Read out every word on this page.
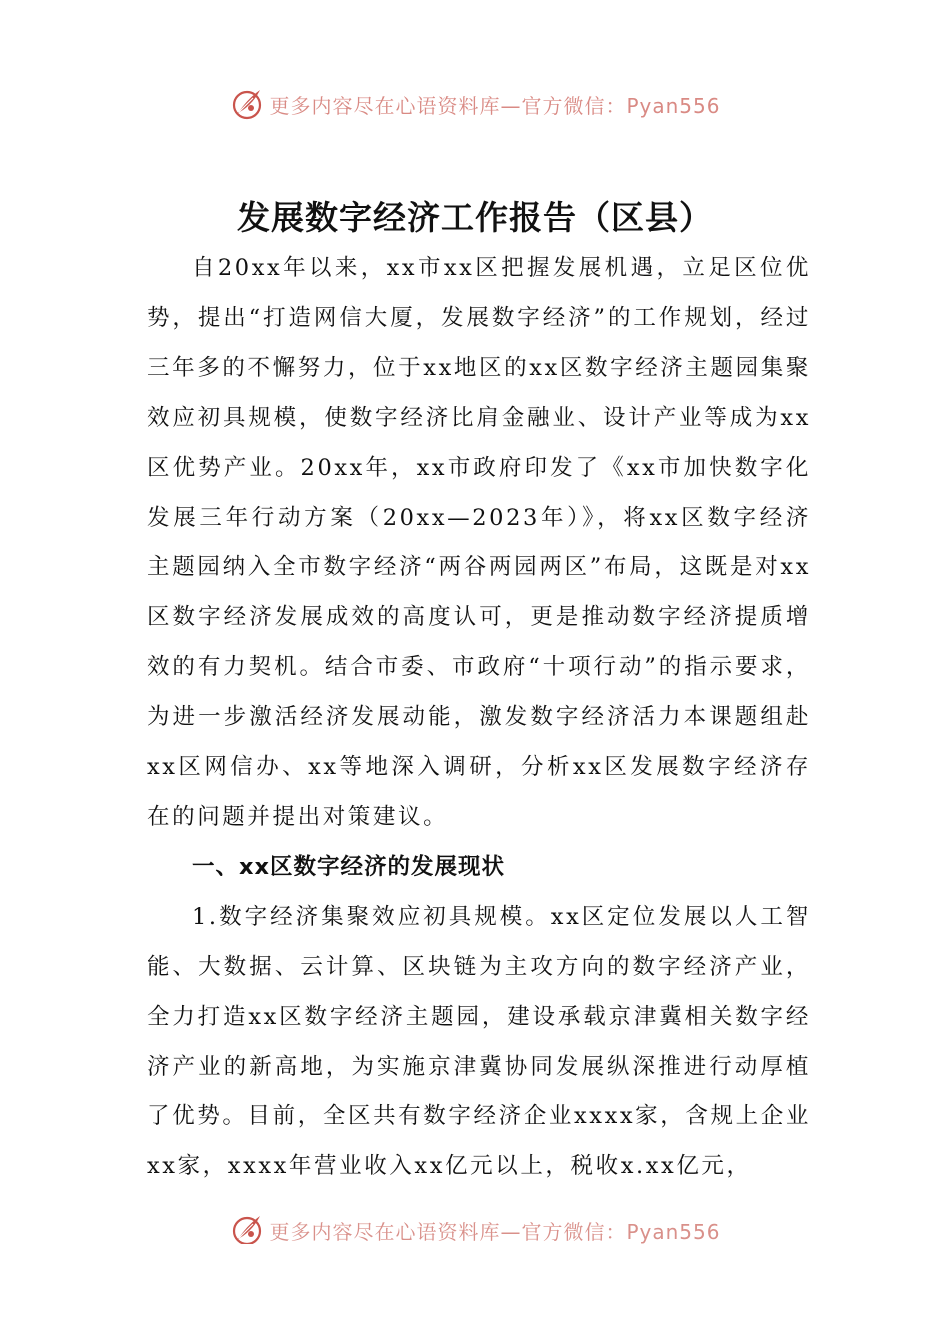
更多内容尽在心语资料库—官方微信：Pyan556
发展数字经济工作报告（区县）

自20xx年以来，xx市xx区把握发展机遇，立足区位优势，提出“打造网信大厦，发展数字经济”的工作规划，经过三年多的不懈努力，位于xx地区的xx区数字经济主题园集聚效应初具规模，使数字经济比肩金融业、设计产业等成为xx区优势产业。20xx年，xx市政府印发了《xx市加快数字化发展三年行动方案（20xx—2023年）》，将xx区数字经济主题园纳入全市数字经济“两谷两园两区”布局，这既是对xx区数字经济发展成效的高度认可，更是推动数字经济提质增效的有力契机。结合市委、市政府“十项行动”的指示要求，为进一步激活经济发展动能，激发数字经济活力本课题组赴xx区网信办、xx等地深入调研，分析xx区发展数字经济存在的问题并提出对策建议。

一、xx区数字经济的发展现状

1.数字经济集聚效应初具规模。xx区定位发展以人工智能、大数据、云计算、区块链为主攻方向的数字经济产业，全力打造xx区数字经济主题园，建设承载京津冀相关数字经济产业的新高地，为实施京津冀协同发展纵深推进行动厚植了优势。目前，全区共有数字经济企业xxxx家，含规上企业xx家，xxxx年营业收入xx亿元以上，税收x.xx亿元，

更多内容尽在心语资料库—官方微信：Pyan556
